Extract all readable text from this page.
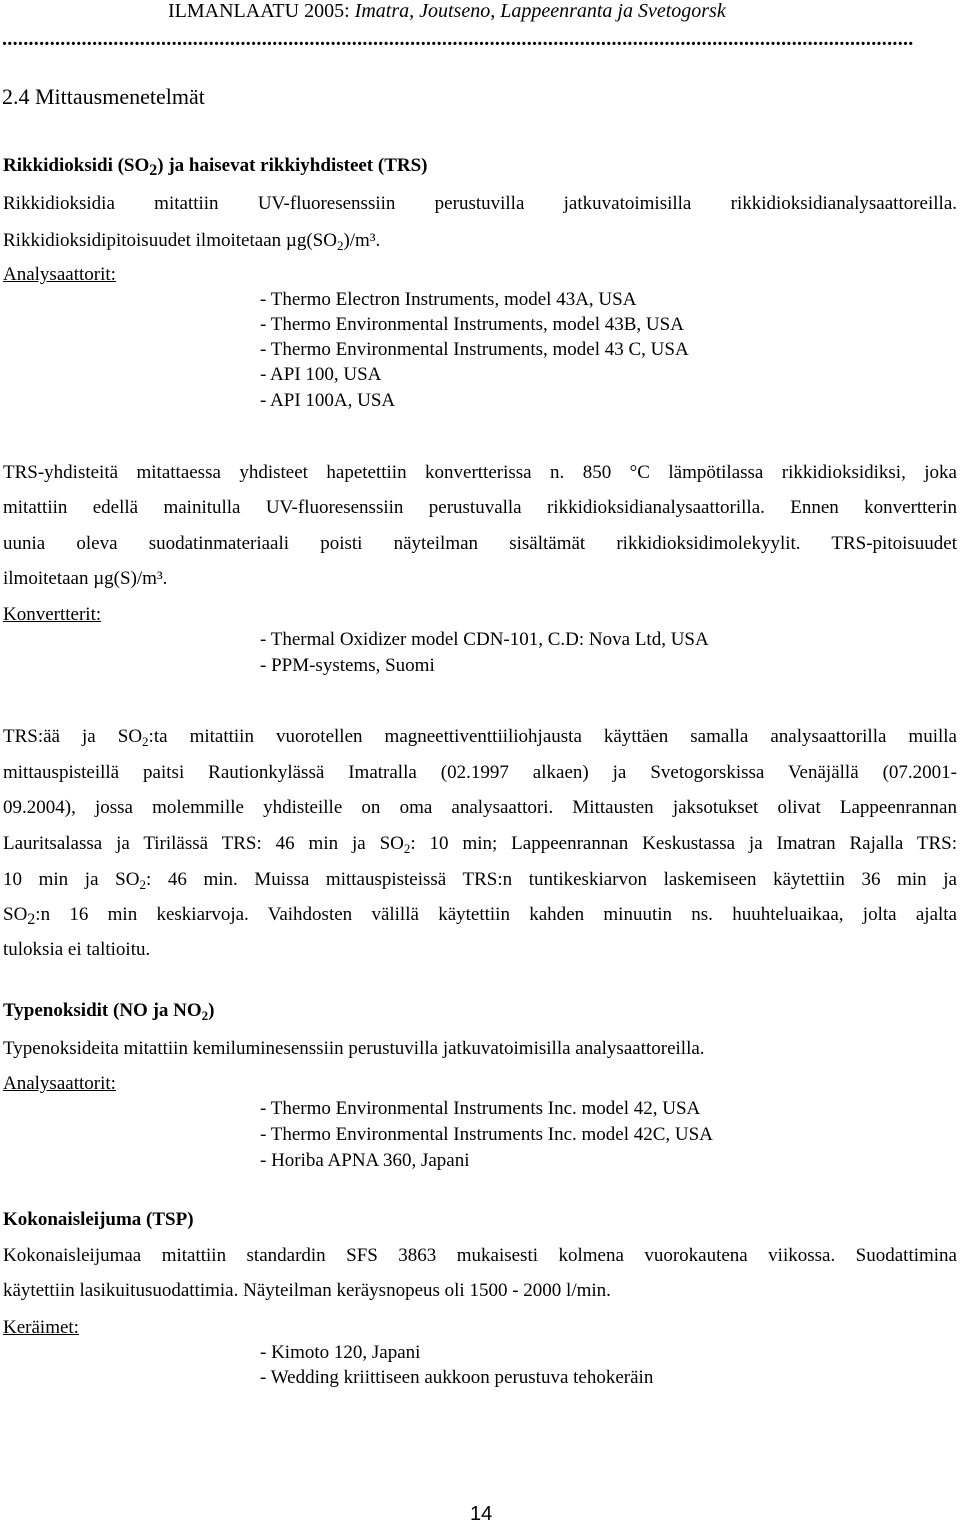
ILMANLAATU 2005: Imatra, Joutseno, Lappeenranta ja Svetogorsk
............................................................................................................................................................................
2.4 Mittausmenetelmät
Rikkidioksidi $(SO_2)$ ja haisevat rikkiyhdisteet (TRS)
Rikkidioksidia mitattiin UV-fluoresenssiin perustuvilla jatkuvatoimisilla rikkidioksidianalysaattoreilla.
Rikkidioksidipitoisuudet ilmoitetaan $\mu g(SO_2)/m^3$.
Analysaattorit:
- Thermo Electron Instruments, model 43A, USA
- Thermo Environmental Instruments, model 43B, USA
- Thermo Environmental Instruments, model 43 C, USA
- API 100, USA
- API 100A, USA
TRS-yhdisteitä mitattaessa yhdisteet hapetettiin konvertterissa n. 850 °C lämpötilassa rikkidioksidiksi, joka
mitattiin edellä mainitulla UV-fluoresenssiin perustuvalla rikkidioksidianalysaattorilla. Ennen konvertterin
uunia oleva suodatinmateriaali poisti näyteilman sisältämät rikkidioksidimolekyylit. TRS-pitoisuudet
ilmoitetaan µg(S)/m³.
Konvertterit:
- Thermal Oxidizer model CDN-101, C.D: Nova Ltd, USA
- PPM-systems, Suomi
TRS:ää ja $SO_2:ta$ mitattiin vuorotellen magneettiventtiiliohjausta käyttäen samalla analysaattorilla muilla
mittauspisteillä paitsi Rautionkylässä Imatralla (02.1997 alkaen) ja Svetogorskissa Venäjällä (07.2001-
09.2004), jossa molemmille yhdisteille on oma analysaattori. Mittausten jaksotukset olivat Lappeenrannan
Lauritsalassa ja Tirilässä TRS: 46 min ja $SO_2$: 10 min; Lappeenrannan Keskustassa ja Imatran Rajalla TRS:
10 min ja $SO_2$: 46 min. Muissa mittauspisteissä TRS:n tuntikeskiarvon laskemiseen käytettiin 36 min ja
$SO_2:n$ 16 min keskiarvoja. Vaihdosten välillä käytettiin kahden minuutin ns. huuhteluaikaa, jolta ajalta
tuloksia ei taltioitu.
Typenoksidit (NO ja $NO_2$)
Typenoksideita mitattiin kemiluminesenssiin perustuvilla jatkuvatoimisilla analysaattoreilla.
Analysaattorit:
- Thermo Environmental Instruments Inc. model 42, USA
- Thermo Environmental Instruments Inc. model 42C, USA
- Horiba APNA 360, Japani
Kokonaisleijuma (TSP)
Kokonaisleijumaa mitattiin standardin SFS 3863 mukaisesti kolmena vuorokautena viikossa. Suodattimina
käytettiin lasikuitusuodattimia. Näyteilman keräysnopeus oli 1500 - 2000 l/min.
Keräimet:
- Kimoto 120, Japani
- Wedding kriittiseen aukkoon perustuva tehokeräin
14
